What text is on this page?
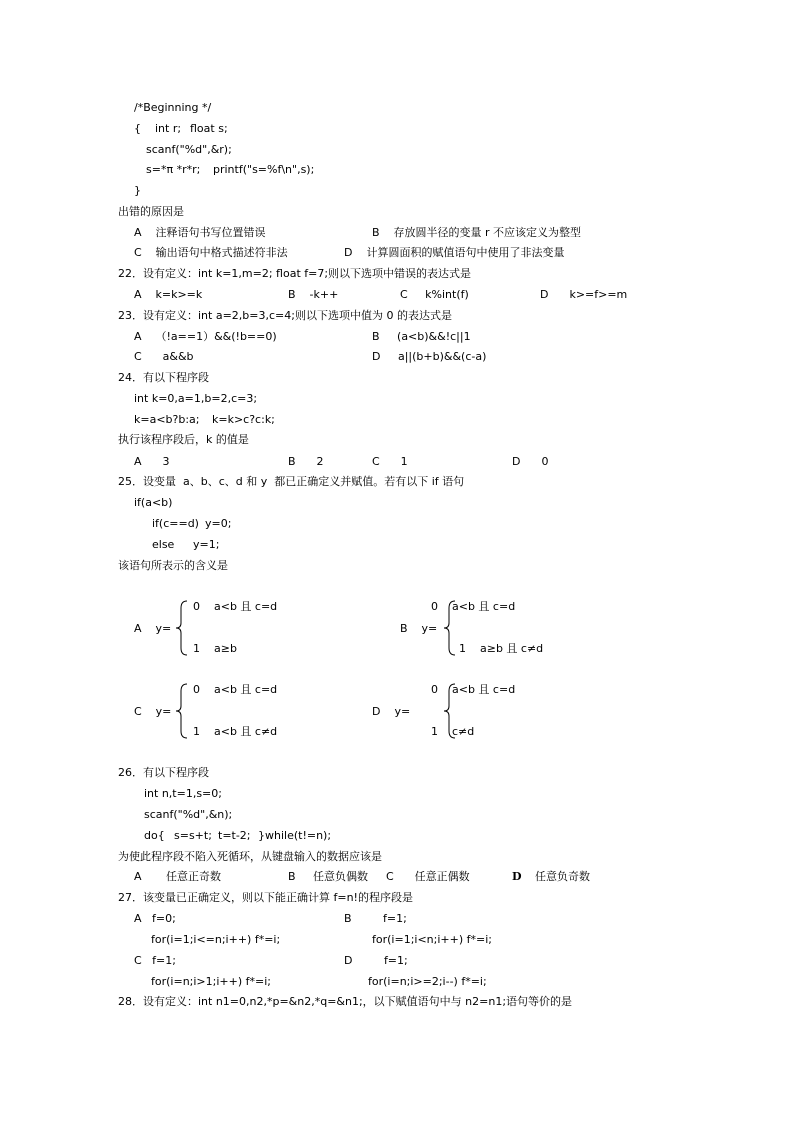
/*Beginning */
{    int r; float s;
scanf("%d",&r);
s=*π *r*r; printf("s=%f\n",s);
}
出错的原因是
A    注释语句书写位置错误	B    存放圆半径的变量 r 不应该定义为整型
C    输出语句中格式描述符非法	D    计算圆面积的赋值语句中使用了非法变量
22．设有定义：int k=1,m=2; float f=7;则以下选项中错误的表达式是
A    k=k>=k	B    -k++	C     k%int(f)	D      k>=f>=m
23．设有定义：int a=2,b=3,c=4;则以下选项中值为 0 的表达式是
A    （!a==1）&&(!b==0)	B     (a<b)&&!c||1
C      a&&b	D     a||(b+b)&&(c-a)
24．有以下程序段
int k=0,a=1,b=2,c=3;
k=a<b?b:a; k=k>c?c:k;
执行该程序段后，k 的值是
A      3	B      2	C      1	D      0
25．设变量  a、b、c、d 和 y  都已正确定义并赋值。若有以下 if 语句
if(a<b)
if(c==d) y=0;
else y=1;
该语句所表示的含义是
A    y=
0    a<b 且 c=d
1    a≥b
B    y=
0 a<b 且 c=d
1    a≥b 且 c≠d
C    y=
0    a<b 且 c=d
1    a<b 且 c≠d
D    y=
0 a<b 且 c=d
1 c≠d
26．有以下程序段
int n,t=1,s=0;
scanf("%d",&n);
do{ s=s+t; t=t-2; }while(t!=n);
为使此程序段不陷入死循环，从键盘输入的数据应该是
A       任意正奇数	B     任意负偶数 C      任意正偶数	D 任意负奇数
27．该变量已正确定义，则以下能正确计算 f=n!的程序段是
A   f=0;	B         f=1;
for(i=1;i<=n;i++) f*=i;	for(i=1;i<n;i++) f*=i;
C   f=1;	D         f=1;
for(i=n;i>1;i++) f*=i;	for(i=n;i>=2;i--) f*=i;
28．设有定义：int n1=0,n2,*p=&n2,*q=&n1;，以下赋值语句中与 n2=n1;语句等价的是
